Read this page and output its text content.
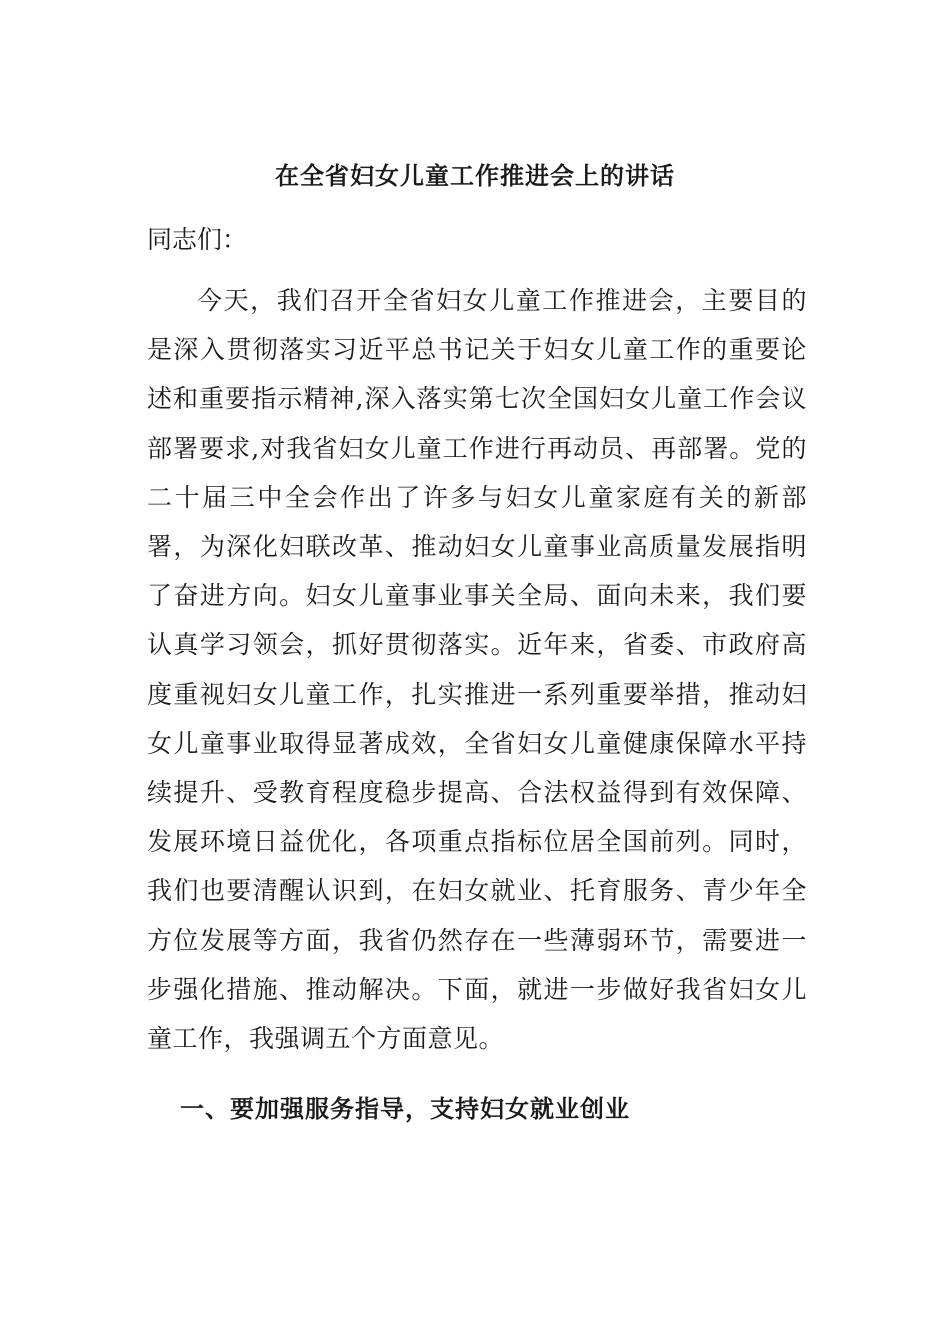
在全省妇女儿童工作推进会上的讲话
同志们：
今天，我们召开全省妇女儿童工作推进会，主要目的是深入贯彻落实习近平总书记关于妇女儿童工作的重要论述和重要指示精神,深入落实第七次全国妇女儿童工作会议部署要求,对我省妇女儿童工作进行再动员、再部署。党的二十届三中全会作出了许多与妇女儿童家庭有关的新部署，为深化妇联改革、推动妇女儿童事业高质量发展指明了奋进方向。妇女儿童事业事关全局、面向未来，我们要认真学习领会，抓好贯彻落实。近年来，省委、市政府高度重视妇女儿童工作，扎实推进一系列重要举措，推动妇女儿童事业取得显著成效，全省妇女儿童健康保障水平持续提升、受教育程度稳步提高、合法权益得到有效保障、发展环境日益优化，各项重点指标位居全国前列。同时，我们也要清醒认识到，在妇女就业、托育服务、青少年全方位发展等方面，我省仍然存在一些薄弱环节，需要进一步强化措施、推动解决。下面，就进一步做好我省妇女儿童工作，我强调五个方面意见。
一、要加强服务指导，支持妇女就业创业
